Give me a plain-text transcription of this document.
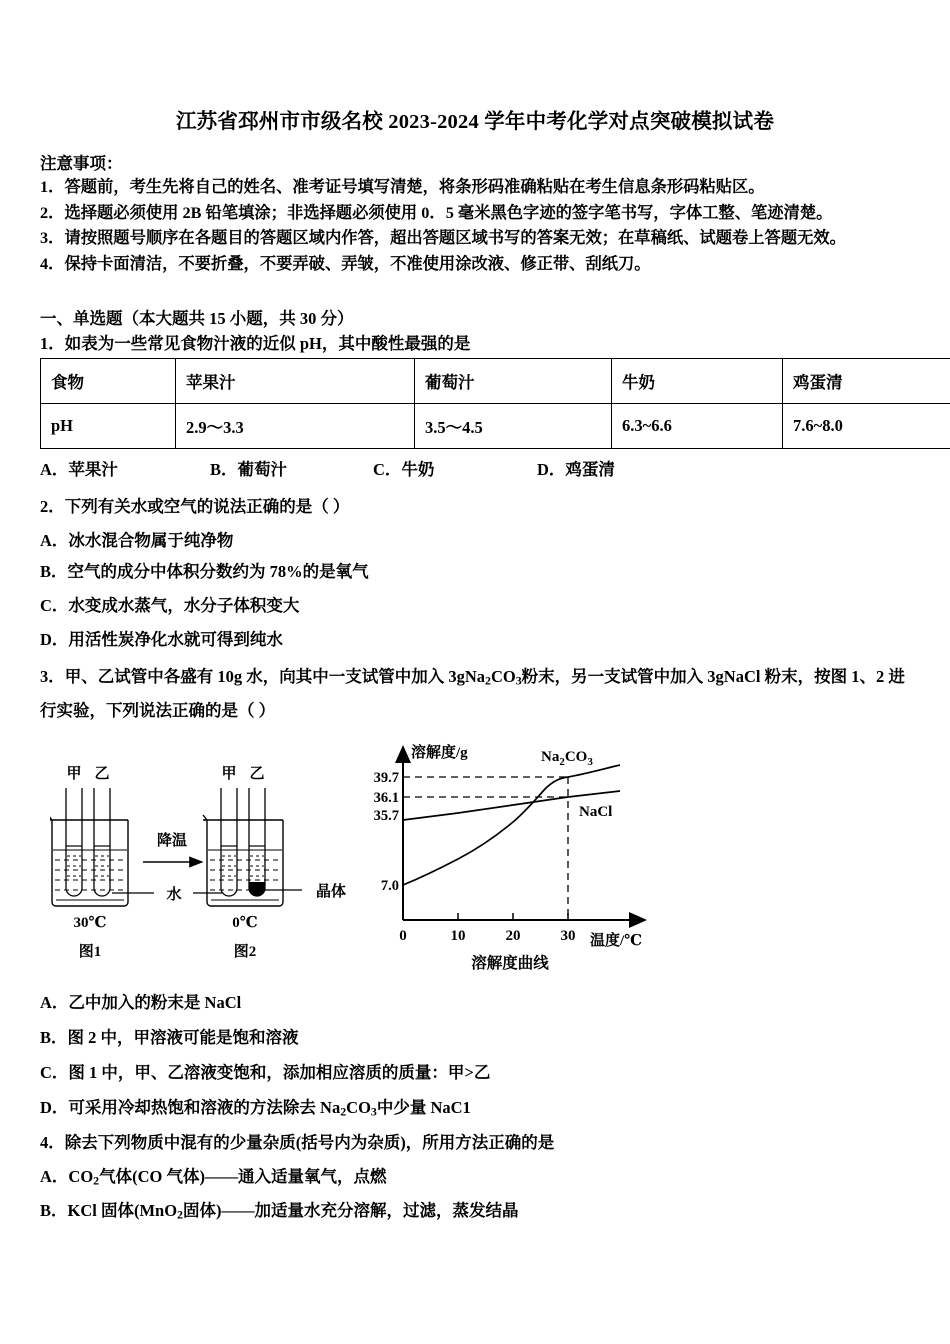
江苏省邳州市市级名校 2023-2024 学年中考化学对点突破模拟试卷
注意事项：
1．答题前，考生先将自己的姓名、准考证号填写清楚，将条形码准确粘贴在考生信息条形码粘贴区。
2．选择题必须使用 2B 铅笔填涂；非选择题必须使用 0．5 毫米黑色字迹的签字笔书写，字体工整、笔迹清楚。
3．请按照题号顺序在各题目的答题区域内作答，超出答题区域书写的答案无效；在草稿纸、试题卷上答题无效。
4．保持卡面清洁，不要折叠，不要弄破、弄皱，不准使用涂改液、修正带、刮纸刀。
一、单选题（本大题共 15 小题，共 30 分）
1．如表为一些常见食物汁液的近似 pH，其中酸性最强的是
食物	苹果汁	葡萄汁	牛奶	鸡蛋清
pH	2.9～3.3	3.5～4.5	6.3~6.6	7.6~8.0
A．苹果汁	B．葡萄汁	C．牛奶	D．鸡蛋清
2．下列有关水或空气的说法正确的是（ ）
A．冰水混合物属于纯净物
B．空气的成分中体积分数约为 78%的是氧气
C．水变成水蒸气，水分子体积变大
D．用活性炭净化水就可得到纯水
3．甲、乙试管中各盛有 10g 水，向其中一支试管中加入 $3gNa_2CO_3$粉末，另一支试管中加入 3gNaCl 粉末，按图 1、2 进
行实验，下列说法正确的是（ ）
甲 乙
30℃
图1
降温
甲 乙
0℃
图2
水	晶体
溶解度/g
温度/℃
39.7
36.1
35.7
7.0
0	10	20	30
$Na_2CO_3$
NaCl
溶解度曲线
A．乙中加入的粉末是 NaCl
B．图 2 中，甲溶液可能是饱和溶液
C．图 1 中，甲、乙溶液变饱和，添加相应溶质的质量：甲>乙
D．可采用冷却热饱和溶液的方法除去 $Na_2CO_3$中少量 NaC1
4．除去下列物质中混有的少量杂质(括号内为杂质)，所用方法正确的是
A．$CO_2$气体(CO 气体)——通入适量氧气，点燃
B．KCl 固体(MnO$_2$固体)——加适量水充分溶解，过滤，蒸发结晶
